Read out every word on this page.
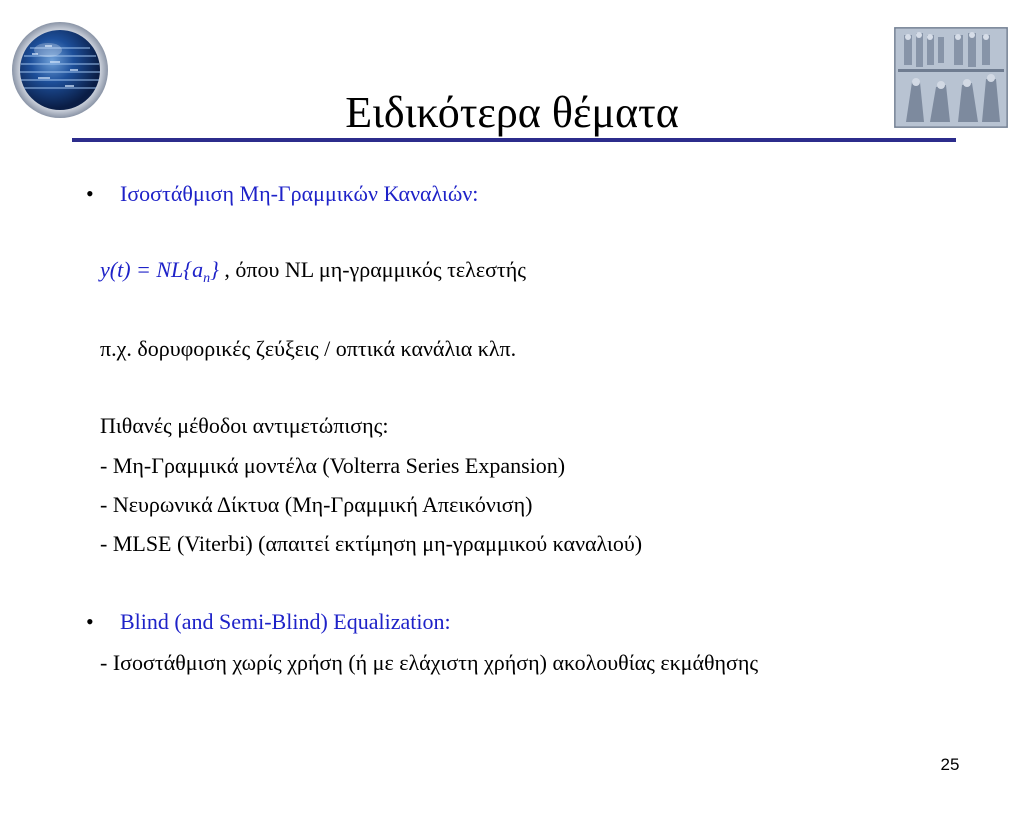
Ειδικότερα θέματα
• Ισοστάθμιση Μη-Γραμμικών Καναλιών:
$y(t) = NL\{a_n\}$ , όπου NL μη-γραμμικός τελεστής
π.χ. δορυφορικές ζεύξεις / οπτικά κανάλια κλπ.
Πιθανές μέθοδοι αντιμετώπισης:
- Μη-Γραμμικά μοντέλα (Volterra Series Expansion)
- Νευρωνικά Δίκτυα (Μη-Γραμμική Απεικόνιση)
- MLSE (Viterbi) (απαιτεί εκτίμηση μη-γραμμικού καναλιού)
• Blind (and Semi-Blind) Equalization:
- Ισοστάθμιση χωρίς χρήση (ή με ελάχιστη χρήση) ακολουθίας εκμάθησης
25
